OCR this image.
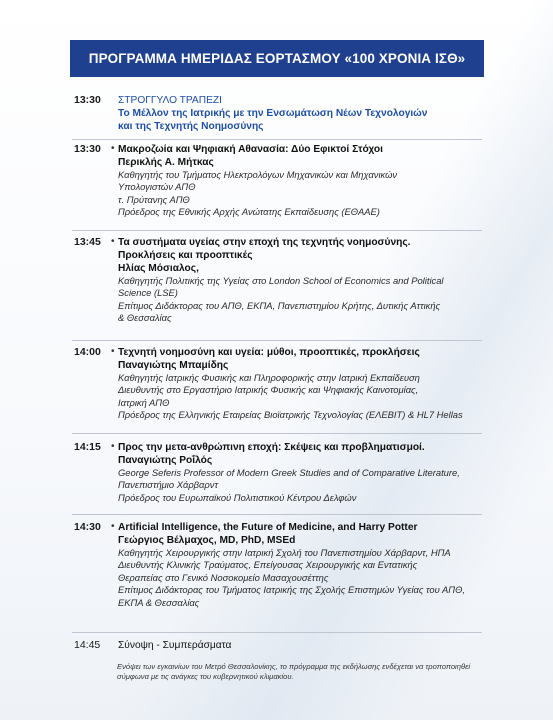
ΠΡΟΓΡΑΜΜΑ ΗΜΕΡΙΔΑΣ ΕΟΡΤΑΣΜΟΥ «100 ΧΡΟΝΙΑ ΙΣΘ»
13:30 ΣΤΡΟΓΓΥΛΟ ΤΡΑΠΕΖΙ
Το Μέλλον της Ιατρικής με την Ενσωμάτωση Νέων Τεχνολογιών
και της Τεχνητής Νοημοσύνης
13:30 • Μακροζωία και Ψηφιακή Αθανασία: Δύο Εφικτοί Στόχοι
Περικλής Α. Μήτκας
Καθηγητής του Τμήματος Ηλεκτρολόγων Μηχανικών και Μηχανικών
Υπολογιστών ΑΠΘ
τ. Πρύτανης ΑΠΘ
Πρόεδρος της Εθνικής Αρχής Ανώτατης Εκπαίδευσης (ΕΘΑΑΕ)
13:45 • Τα συστήματα υγείας στην εποχή της τεχνητής νοημοσύνης.
Προκλήσεις και προοπτικές
Ηλίας Μόσιαλος,
Καθηγητής Πολιτικής της Υγείας στο London School of Economics and Political
Science (LSE)
Επίτιμος Διδάκτορας του ΑΠΘ, ΕΚΠΑ, Πανεπιστημίου Κρήτης, Δυτικής Αττικής
& Θεσσαλίας
14:00 • Τεχνητή νοημοσύνη και υγεία: μύθοι, προοπτικές, προκλήσεις
Παναγιώτης Μπαμίδης
Καθηγητής Ιατρικής Φυσικής και Πληροφορικής στην Ιατρική Εκπαίδευση
Διευθυντής στο Εργαστήριο Ιατρικής Φυσικής και Ψηφιακής Καινοτομίας,
Ιατρική ΑΠΘ
Πρόεδρος της Ελληνικής Εταιρείας Βιοϊατρικής Τεχνολογίας (ΕΛΕΒΙΤ) & HL7 Hellas
14:15 • Προς την μετα-ανθρώπινη εποχή: Σκέψεις και προβληματισμοί.
Παναγιώτης Ροΐλός
George Seferis Professor of Modern Greek Studies and of Comparative Literature,
Πανεπιστήμιο Χάρβαρντ
Πρόεδρος του Ευρωπαϊκού Πολιτιστικού Κέντρου Δελφών
14:30 • Artificial Intelligence, the Future of Medicine, and Harry Potter
Γεώργιος Βέλμαχος, MD, PhD, MSEd
Καθηγητής Χειρουργικής στην Ιατρική Σχολή του Πανεπιστημίου Χάρβαρντ, ΗΠΑ
Διευθυντής Κλινικής Τραύματος, Επείγουσας Χειρουργικής και Εντατικής
Θεραπείας στο Γενικό Νοσοκομείο Μασαχουσέττης
Επίτιμος Διδάκτορας του Τμήματος Ιατρικής της Σχολής Επιστημών Υγείας του ΑΠΘ,
ΕΚΠΑ & Θεσσαλίας
14:45 Σύνοψη - Συμπεράσματα
Ενόψει των εγκαινίων του Μετρό Θεσσαλονίκης, το πρόγραμμα της εκδήλωσης ενδέχεται να τροποποιηθεί
σύμφωνα με τις ανάγκες του κυβερνητικού κλιμακίου.
